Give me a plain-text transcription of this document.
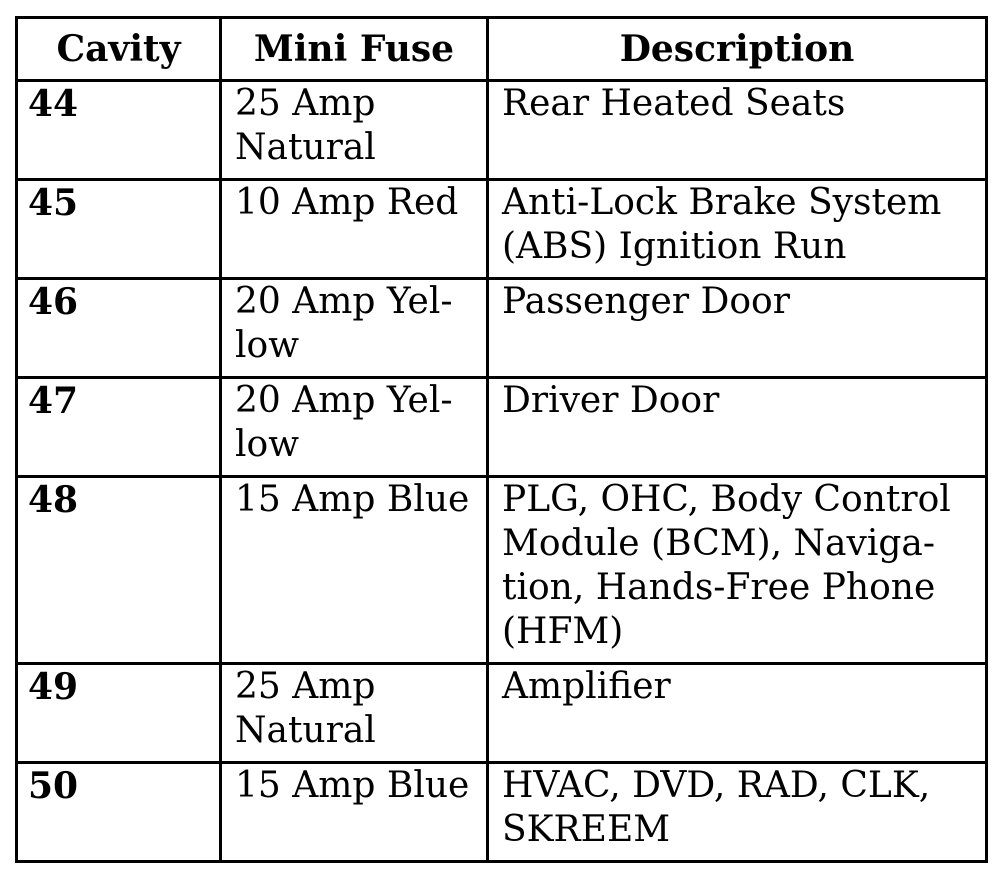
Cavity	Mini Fuse	Description
44	25 Amp Natural	Rear Heated Seats
45	10 Amp Red	Anti-Lock Brake System (ABS) Ignition Run
46	20 Amp Yel-low	Passenger Door
47	20 Amp Yel-low	Driver Door
48	15 Amp Blue	PLG, OHC, Body Control Module (BCM), Naviga-tion, Hands-Free Phone (HFM)
49	25 Amp Natural	Amplifier
50	15 Amp Blue	HVAC, DVD, RAD, CLK, SKREEM
